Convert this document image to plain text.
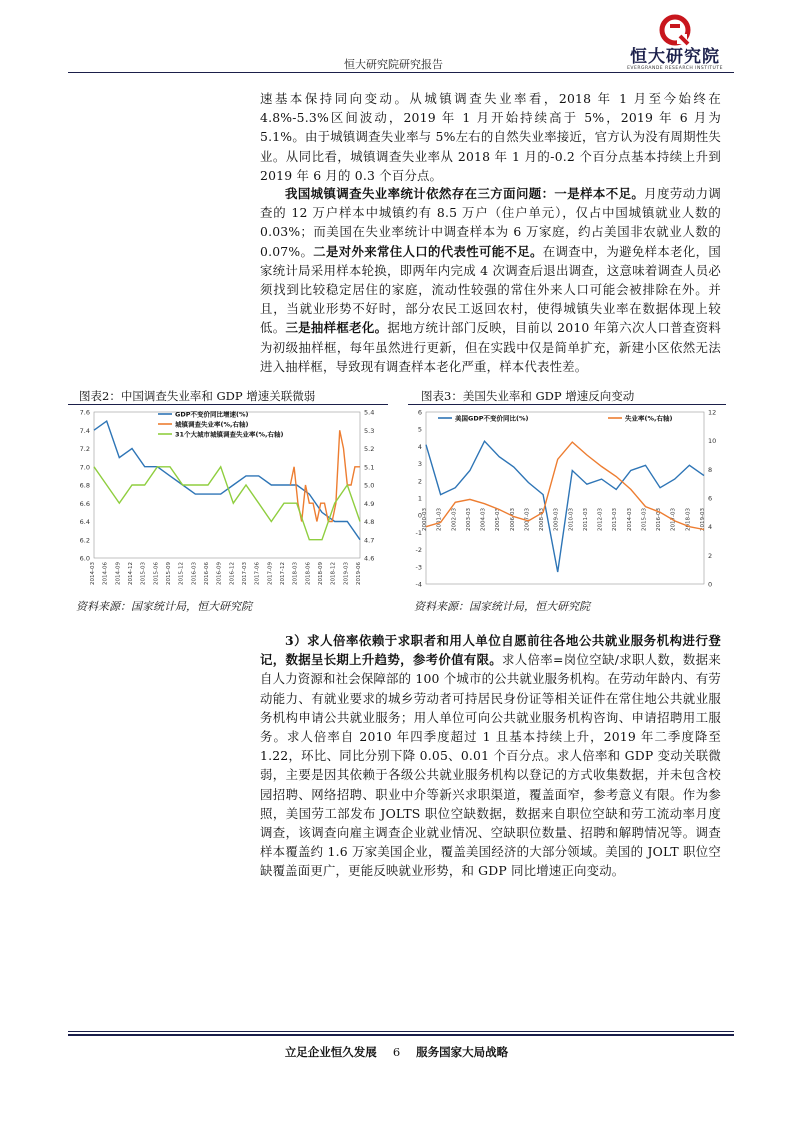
恒大研究院
EVERGRANDE RESEARCH INSTITUTE
恒大研究院研究报告

速基本保持同向变动。从城镇调查失业率看，2018 年 1 月至今始终在 4.8%-5.3%区间波动，2019 年 1 月开始持续高于 5%，2019 年 6 月为 5.1%。由于城镇调查失业率与 5%左右的自然失业率接近，官方认为没有周期性失业。从同比看，城镇调查失业率从 2018 年 1 月的-0.2 个百分点基本持续上升到 2019 年 6 月的 0.3 个百分点。

我国城镇调查失业率统计依然存在三方面问题：一是样本不足。月度劳动力调查的 12 万户样本中城镇约有 8.5 万户（住户单元），仅占中国城镇就业人数的 0.03%；而美国在失业率统计中调查样本为 6 万家庭，约占美国非农就业人数的 0.07%。二是对外来常住人口的代表性可能不足。在调查中，为避免样本老化，国家统计局采用样本轮换，即两年内完成 4 次调查后退出调查，这意味着调查人员必须找到比较稳定居住的家庭，流动性较强的常住外来人口可能会被排除在外。并且，当就业形势不好时，部分农民工返回农村，使得城镇失业率在数据体现上较低。三是抽样框老化。据地方统计部门反映，目前以 2010 年第六次人口普查资料为初级抽样框，每年虽然进行更新，但在实践中仅是简单扩充，新建小区依然无法进入抽样框，导致现有调查样本老化严重，样本代表性差。

图表2：中国调查失业率和 GDP 增速关联微弱	图表3：美国失业率和 GDP 增速反向变动
7.6
7.4
7.2
7.0
6.8
6.6
6.4
6.2
6.0
5.4
5.3
5.2
5.1
5.0
4.9
4.8
4.7
4.6
2014-03 2014-06 2014-09 2014-12 2015-03 2015-06 2015-09 2015-12 2016-03 2016-06 2016-09 2016-12 2017-03 2017-06 2017-09 2017-12 2018-03 2018-06 2018-09 2018-12 2019-03 2019-06
GDP不变价同比增速(%)
城镇调查失业率(%,右轴)
31个大城市城镇调查失业率(%,右轴)
6
5
4
3
2
1
0
-1
-2
-3
-4
12
10
8
6
4
2
0
2000-03 2001-03 2002-03 2003-03 2004-03 2005-03 2006-03 2007-03 2008-03 2009-03 2010-03 2011-03 2012-03 2013-03 2014-03 2015-03 2016-03 2017-03 2018-03 2019-03
美国GDP不变价同比(%)	失业率(%,右轴)
资料来源：国家统计局，恒大研究院	资料来源：国家统计局，恒大研究院

3）求人倍率依赖于求职者和用人单位自愿前往各地公共就业服务机构进行登记，数据呈长期上升趋势，参考价值有限。求人倍率=岗位空缺/求职人数，数据来自人力资源和社会保障部的 100 个城市的公共就业服务机构。在劳动年龄内、有劳动能力、有就业要求的城乡劳动者可持居民身份证等相关证件在常住地公共就业服务机构申请公共就业服务；用人单位可向公共就业服务机构咨询、申请招聘用工服务。求人倍率自 2010 年四季度超过 1 且基本持续上升，2019 年二季度降至 1.22，环比、同比分别下降 0.05、0.01 个百分点。求人倍率和 GDP 变动关联微弱，主要是因其依赖于各级公共就业服务机构以登记的方式收集数据，并未包含校园招聘、网络招聘、职业中介等新兴求职渠道，覆盖面窄，参考意义有限。作为参照，美国劳工部发布 JOLTS 职位空缺数据，数据来自职位空缺和劳工流动率月度调查，该调查向雇主调查企业就业情况、空缺职位数量、招聘和解聘情况等。调查样本覆盖约 1.6 万家美国企业，覆盖美国经济的大部分领域。美国的 JOLT 职位空缺覆盖面更广，更能反映就业形势，和 GDP 同比增速正向变动。

立足企业恒久发展 6 服务国家大局战略
